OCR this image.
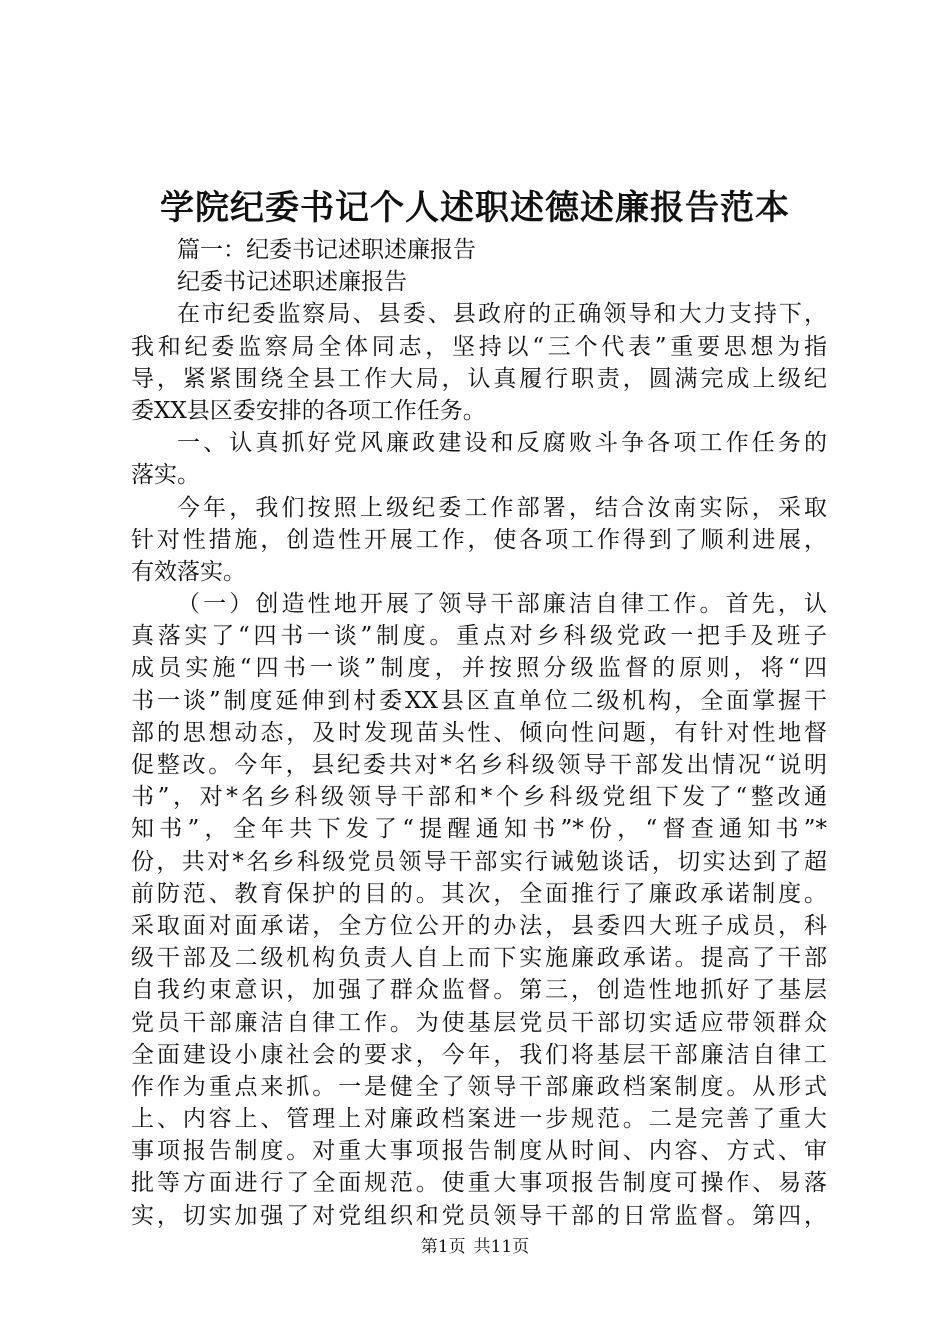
学院纪委书记个人述职述德述廉报告范本
篇一：纪委书记述职述廉报告
纪委书记述职述廉报告
在市纪委监察局、县委、县政府的正确领导和大力支持下，
我和纪委监察局全体同志，坚持以“三个代表”重要思想为指
导，紧紧围绕全县工作大局，认真履行职责，圆满完成上级纪
委XX县区委安排的各项工作任务。
一、认真抓好党风廉政建设和反腐败斗争各项工作任务的
落实。
今年，我们按照上级纪委工作部署，结合汝南实际，采取
针对性措施，创造性开展工作，使各项工作得到了顺利进展，
有效落实。
（一）创造性地开展了领导干部廉洁自律工作。首先，认
真落实了“四书一谈”制度。重点对乡科级党政一把手及班子
成员实施“四书一谈”制度，并按照分级监督的原则，将“四
书一谈”制度延伸到村委XX县区直单位二级机构，全面掌握干
部的思想动态，及时发现苗头性、倾向性问题，有针对性地督
促整改。今年，县纪委共对*名乡科级领导干部发出情况“说明
书”，对*名乡科级领导干部和*个乡科级党组下发了“整改通
知书”，全年共下发了“提醒通知书”*份，“督查通知书”*
份，共对*名乡科级党员领导干部实行诫勉谈话，切实达到了超
前防范、教育保护的目的。其次，全面推行了廉政承诺制度。
采取面对面承诺，全方位公开的办法，县委四大班子成员，科
级干部及二级机构负责人自上而下实施廉政承诺。提高了干部
自我约束意识，加强了群众监督。第三，创造性地抓好了基层
党员干部廉洁自律工作。为使基层党员干部切实适应带领群众
全面建设小康社会的要求，今年，我们将基层干部廉洁自律工
作作为重点来抓。一是健全了领导干部廉政档案制度。从形式
上、内容上、管理上对廉政档案进一步规范。二是完善了重大
事项报告制度。对重大事项报告制度从时间、内容、方式、审
批等方面进行了全面规范。使重大事项报告制度可操作、易落
实，切实加强了对党组织和党员领导干部的日常监督。第四，
第1页 共11页
